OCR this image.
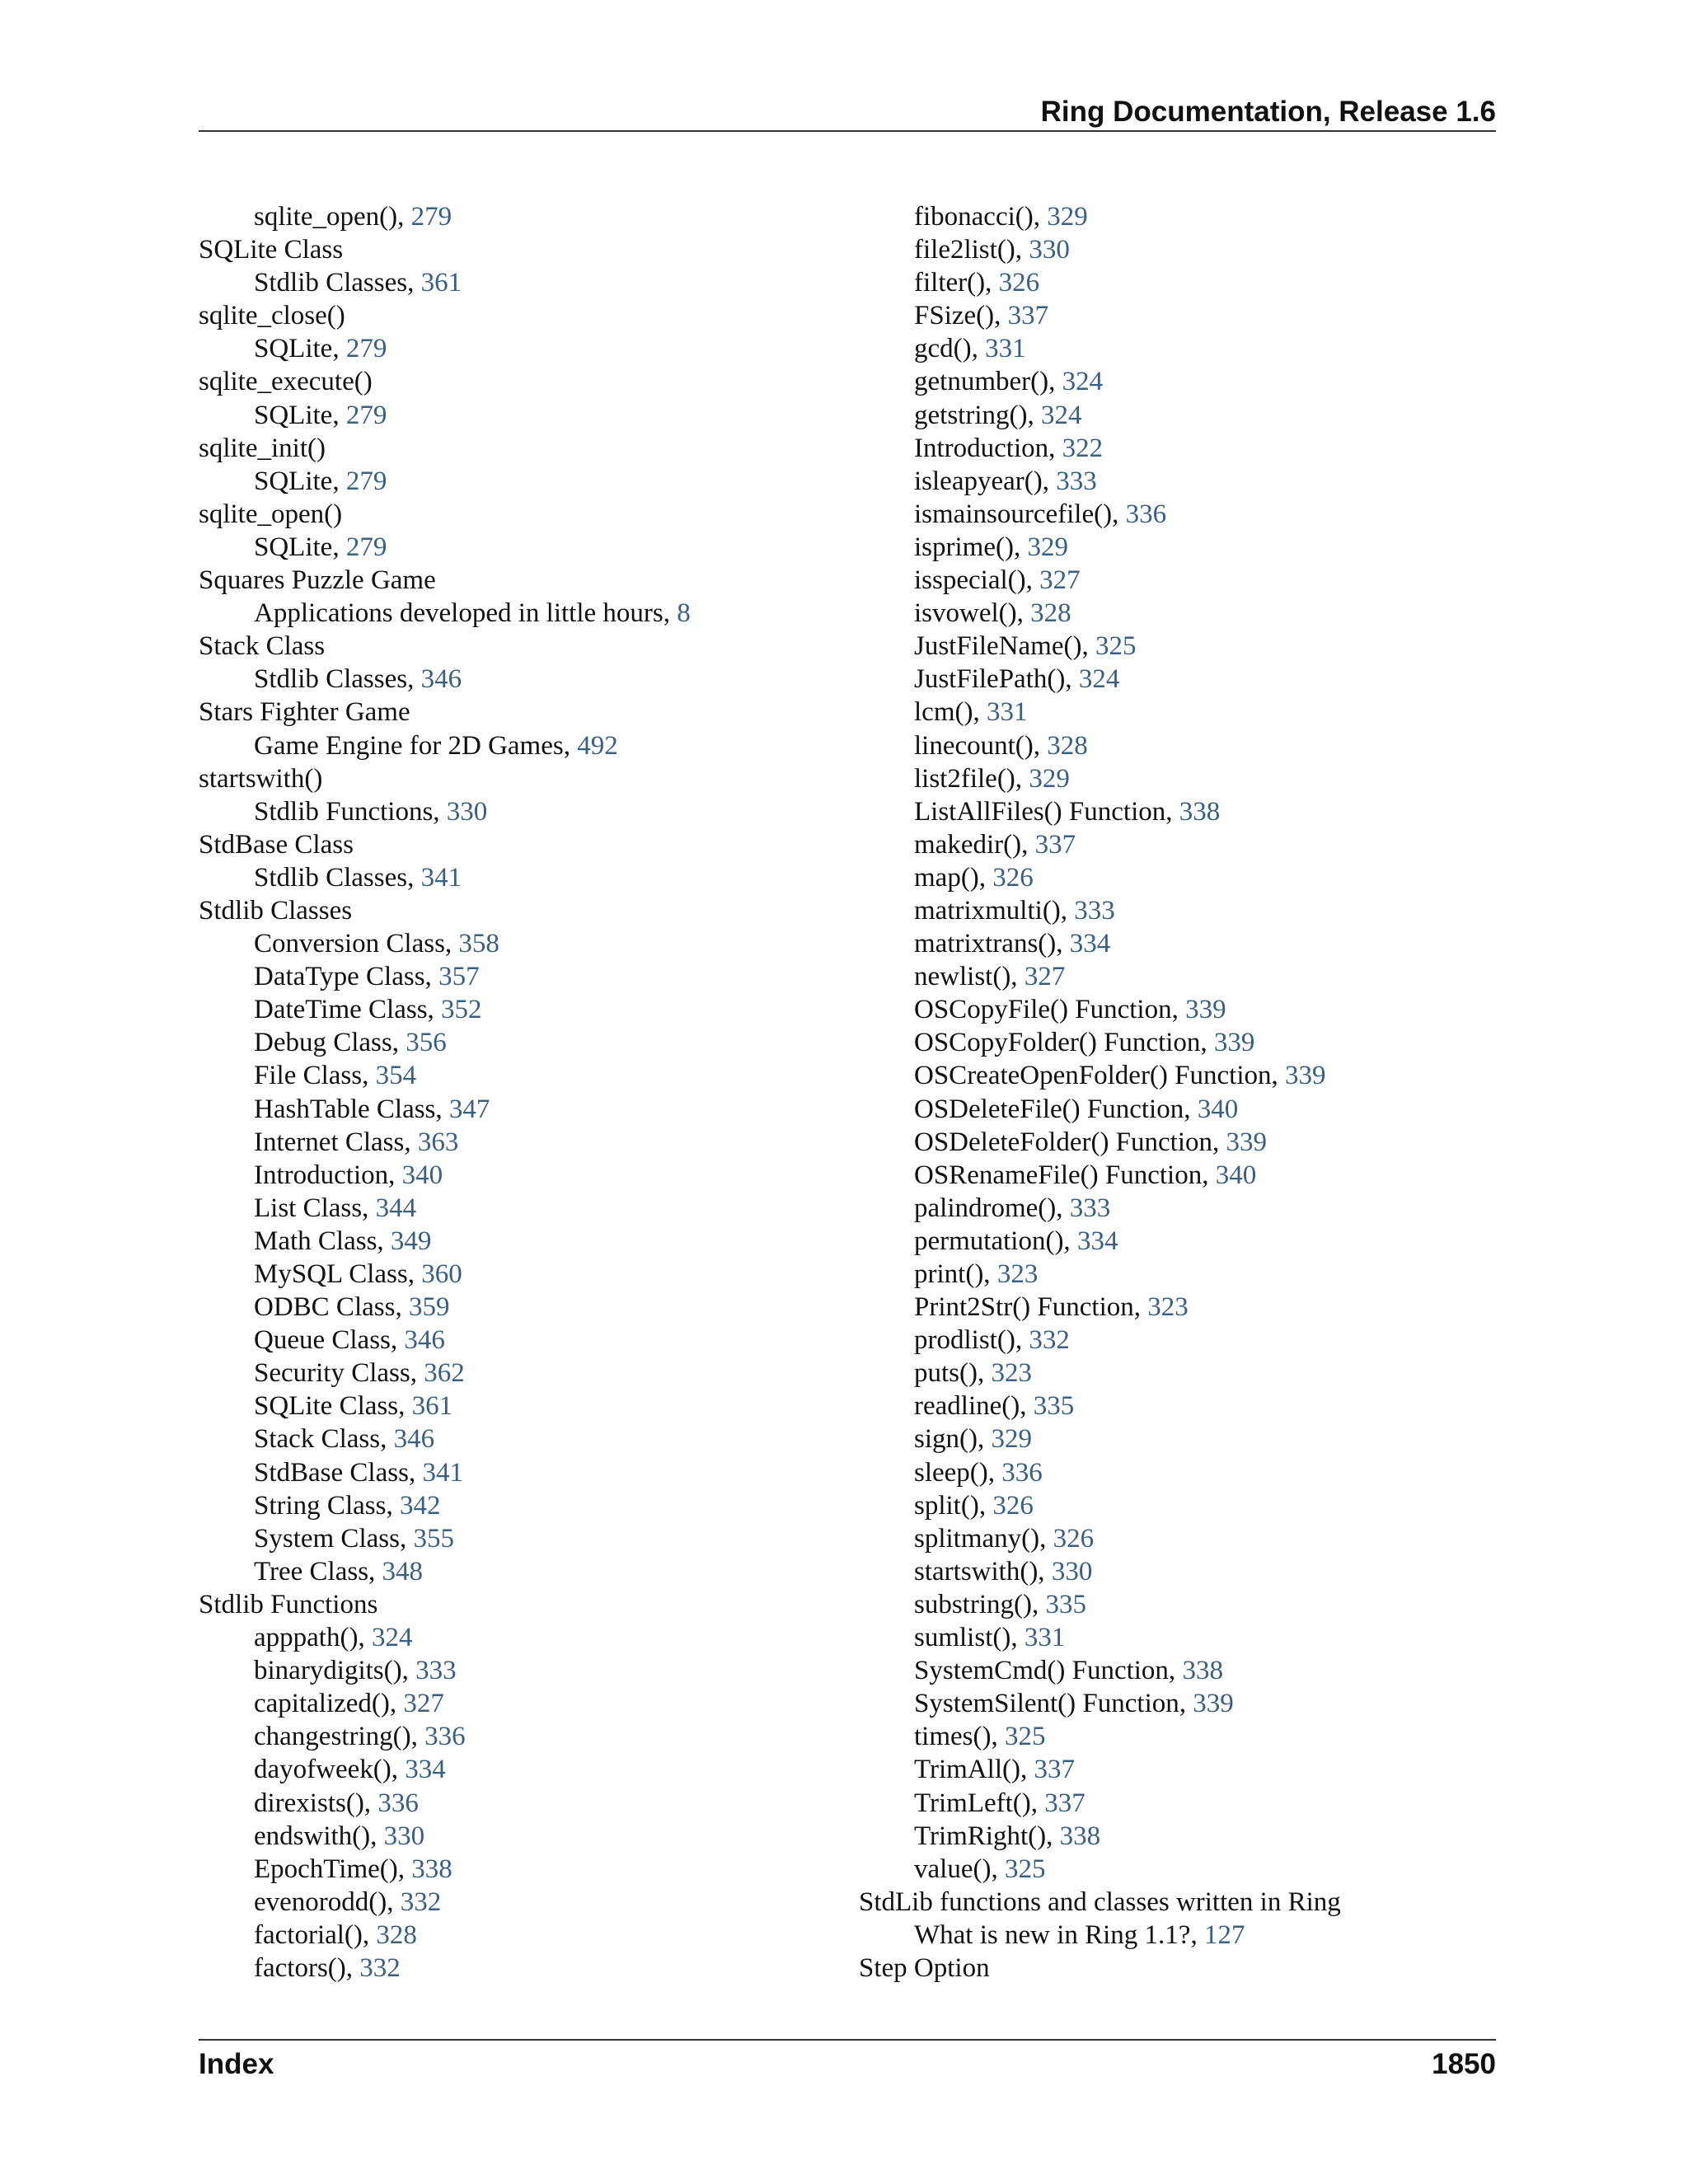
Ring Documentation, Release 1.6
sqlite_open(), 279
SQLite Class
Stdlib Classes, 361
sqlite_close()
SQLite, 279
sqlite_execute()
SQLite, 279
sqlite_init()
SQLite, 279
sqlite_open()
SQLite, 279
Squares Puzzle Game
Applications developed in little hours, 8
Stack Class
Stdlib Classes, 346
Stars Fighter Game
Game Engine for 2D Games, 492
startswith()
Stdlib Functions, 330
StdBase Class
Stdlib Classes, 341
Stdlib Classes
Conversion Class, 358
DataType Class, 357
DateTime Class, 352
Debug Class, 356
File Class, 354
HashTable Class, 347
Internet Class, 363
Introduction, 340
List Class, 344
Math Class, 349
MySQL Class, 360
ODBC Class, 359
Queue Class, 346
Security Class, 362
SQLite Class, 361
Stack Class, 346
StdBase Class, 341
String Class, 342
System Class, 355
Tree Class, 348
Stdlib Functions
apppath(), 324
binarydigits(), 333
capitalized(), 327
changestring(), 336
dayofweek(), 334
direxists(), 336
endswith(), 330
EpochTime(), 338
evenorodd(), 332
factorial(), 328
factors(), 332
fibonacci(), 329
file2list(), 330
filter(), 326
FSize(), 337
gcd(), 331
getnumber(), 324
getstring(), 324
Introduction, 322
isleapyear(), 333
ismainsourcefile(), 336
isprime(), 329
isspecial(), 327
isvowel(), 328
JustFileName(), 325
JustFilePath(), 324
lcm(), 331
linecount(), 328
list2file(), 329
ListAllFiles() Function, 338
makedir(), 337
map(), 326
matrixmulti(), 333
matrixtrans(), 334
newlist(), 327
OSCopyFile() Function, 339
OSCopyFolder() Function, 339
OSCreateOpenFolder() Function, 339
OSDeleteFile() Function, 340
OSDeleteFolder() Function, 339
OSRenameFile() Function, 340
palindrome(), 333
permutation(), 334
print(), 323
Print2Str() Function, 323
prodlist(), 332
puts(), 323
readline(), 335
sign(), 329
sleep(), 336
split(), 326
splitmany(), 326
startswith(), 330
substring(), 335
sumlist(), 331
SystemCmd() Function, 338
SystemSilent() Function, 339
times(), 325
TrimAll(), 337
TrimLeft(), 337
TrimRight(), 338
value(), 325
StdLib functions and classes written in Ring
What is new in Ring 1.1?, 127
Step Option
Index	1850
